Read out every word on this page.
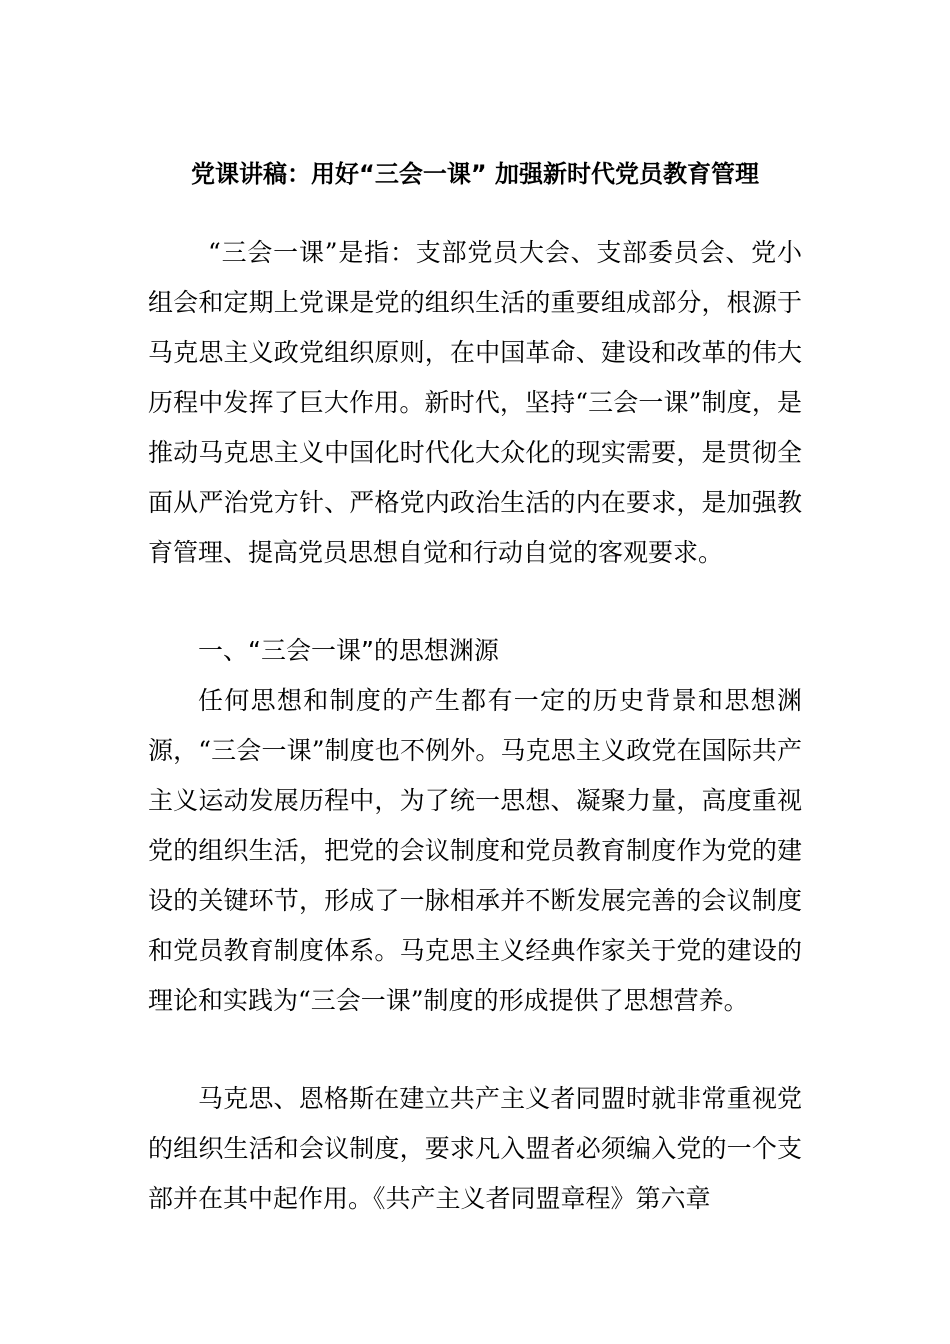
党课讲稿：用好“三会一课” 加强新时代党员教育管理
“三会一课”是指：支部党员大会、支部委员会、党小组会和定期上党课是党的组织生活的重要组成部分，根源于马克思主义政党组织原则，在中国革命、建设和改革的伟大历程中发挥了巨大作用。新时代，坚持“三会一课”制度，是推动马克思主义中国化时代化大众化的现实需要，是贯彻全面从严治党方针、严格党内政治生活的内在要求，是加强教育管理、提高党员思想自觉和行动自觉的客观要求。
一、“三会一课”的思想渊源
任何思想和制度的产生都有一定的历史背景和思想渊源，“三会一课”制度也不例外。马克思主义政党在国际共产主义运动发展历程中，为了统一思想、凝聚力量，高度重视党的组织生活，把党的会议制度和党员教育制度作为党的建设的关键环节，形成了一脉相承并不断发展完善的会议制度和党员教育制度体系。马克思主义经典作家关于党的建设的理论和实践为“三会一课”制度的形成提供了思想营养。
马克思、恩格斯在建立共产主义者同盟时就非常重视党的组织生活和会议制度，要求凡入盟者必须编入党的一个支部并在其中起作用。《共产主义者同盟章程》第六章
